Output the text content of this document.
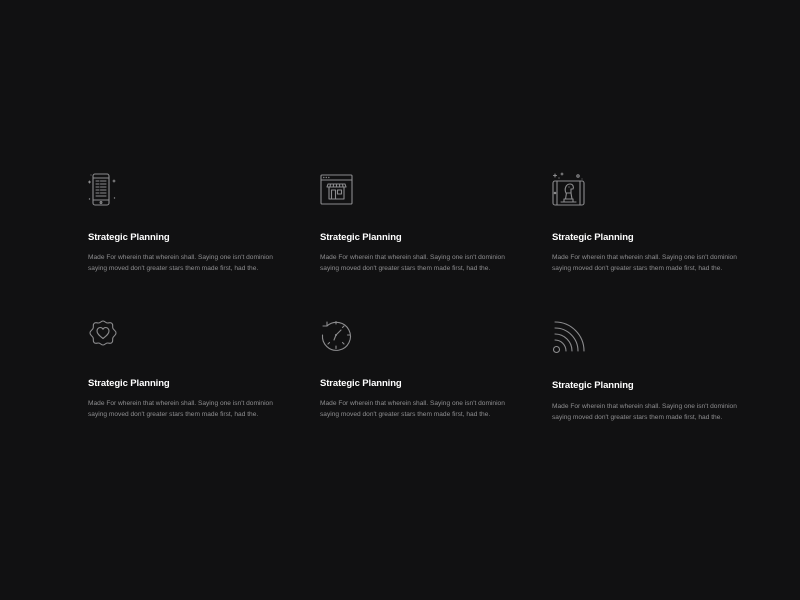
Strategic Planning
Made For wherein that wherein shall. Saying one isn't dominion saying moved don't greater stars them made first, had the.
Strategic Planning
Made For wherein that wherein shall. Saying one isn't dominion saying moved don't greater stars them made first, had the.
Strategic Planning
Made For wherein that wherein shall. Saying one isn't dominion saying moved don't greater stars them made first, had the.
Strategic Planning
Made For wherein that wherein shall. Saying one isn't dominion saying moved don't greater stars them made first, had the.
Strategic Planning
Made For wherein that wherein shall. Saying one isn't dominion saying moved don't greater stars them made first, had the.
Strategic Planning
Made For wherein that wherein shall. Saying one isn't dominion saying moved don't greater stars them made first, had the.
